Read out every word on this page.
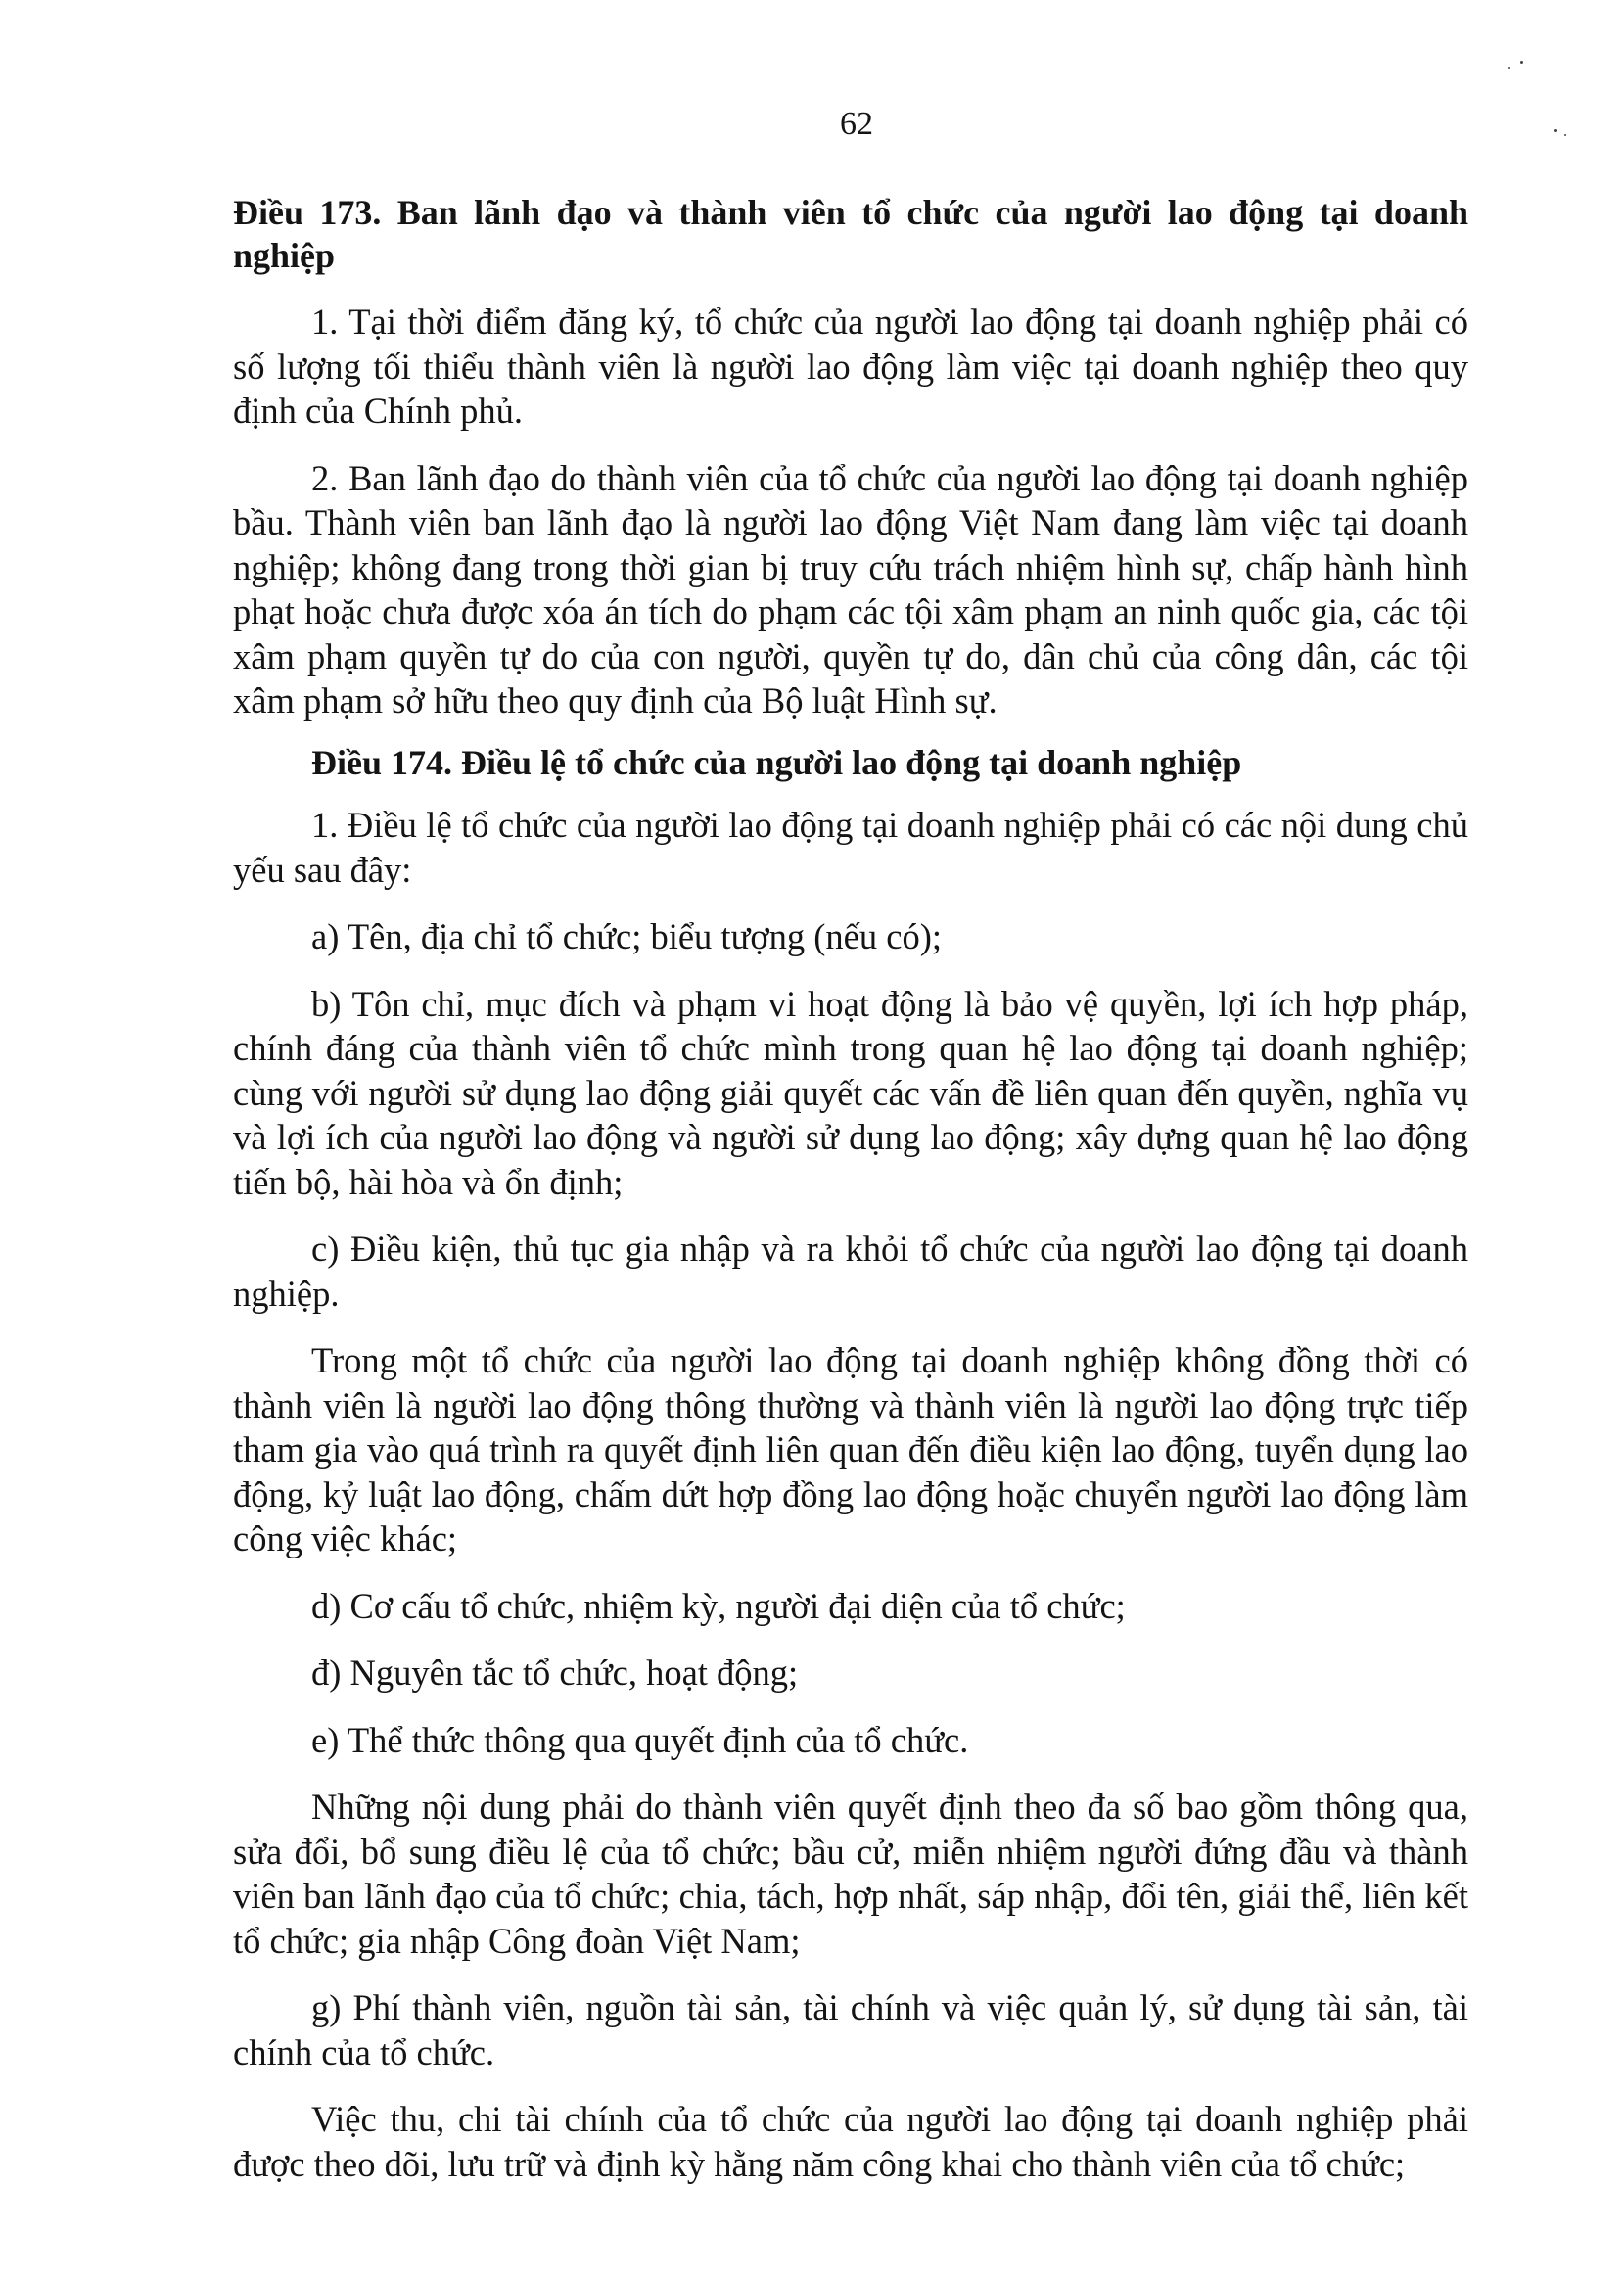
62

Điều 173. Ban lãnh đạo và thành viên tổ chức của người lao động tại doanh nghiệp

1. Tại thời điểm đăng ký, tổ chức của người lao động tại doanh nghiệp phải có số lượng tối thiểu thành viên là người lao động làm việc tại doanh nghiệp theo quy định của Chính phủ.

2. Ban lãnh đạo do thành viên của tổ chức của người lao động tại doanh nghiệp bầu. Thành viên ban lãnh đạo là người lao động Việt Nam đang làm việc tại doanh nghiệp; không đang trong thời gian bị truy cứu trách nhiệm hình sự, chấp hành hình phạt hoặc chưa được xóa án tích do phạm các tội xâm phạm an ninh quốc gia, các tội xâm phạm quyền tự do của con người, quyền tự do, dân chủ của công dân, các tội xâm phạm sở hữu theo quy định của Bộ luật Hình sự.

Điều 174. Điều lệ tổ chức của người lao động tại doanh nghiệp

1. Điều lệ tổ chức của người lao động tại doanh nghiệp phải có các nội dung chủ yếu sau đây:

a) Tên, địa chỉ tổ chức; biểu tượng (nếu có);

b) Tôn chỉ, mục đích và phạm vi hoạt động là bảo vệ quyền, lợi ích hợp pháp, chính đáng của thành viên tổ chức mình trong quan hệ lao động tại doanh nghiệp; cùng với người sử dụng lao động giải quyết các vấn đề liên quan đến quyền, nghĩa vụ và lợi ích của người lao động và người sử dụng lao động; xây dựng quan hệ lao động tiến bộ, hài hòa và ổn định;

c) Điều kiện, thủ tục gia nhập và ra khỏi tổ chức của người lao động tại doanh nghiệp.

Trong một tổ chức của người lao động tại doanh nghiệp không đồng thời có thành viên là người lao động thông thường và thành viên là người lao động trực tiếp tham gia vào quá trình ra quyết định liên quan đến điều kiện lao động, tuyển dụng lao động, kỷ luật lao động, chấm dứt hợp đồng lao động hoặc chuyển người lao động làm công việc khác;

d) Cơ cấu tổ chức, nhiệm kỳ, người đại diện của tổ chức;

đ) Nguyên tắc tổ chức, hoạt động;

e) Thể thức thông qua quyết định của tổ chức.

Những nội dung phải do thành viên quyết định theo đa số bao gồm thông qua, sửa đổi, bổ sung điều lệ của tổ chức; bầu cử, miễn nhiệm người đứng đầu và thành viên ban lãnh đạo của tổ chức; chia, tách, hợp nhất, sáp nhập, đổi tên, giải thể, liên kết tổ chức; gia nhập Công đoàn Việt Nam;

g) Phí thành viên, nguồn tài sản, tài chính và việc quản lý, sử dụng tài sản, tài chính của tổ chức.

Việc thu, chi tài chính của tổ chức của người lao động tại doanh nghiệp phải được theo dõi, lưu trữ và định kỳ hằng năm công khai cho thành viên của tổ chức;
